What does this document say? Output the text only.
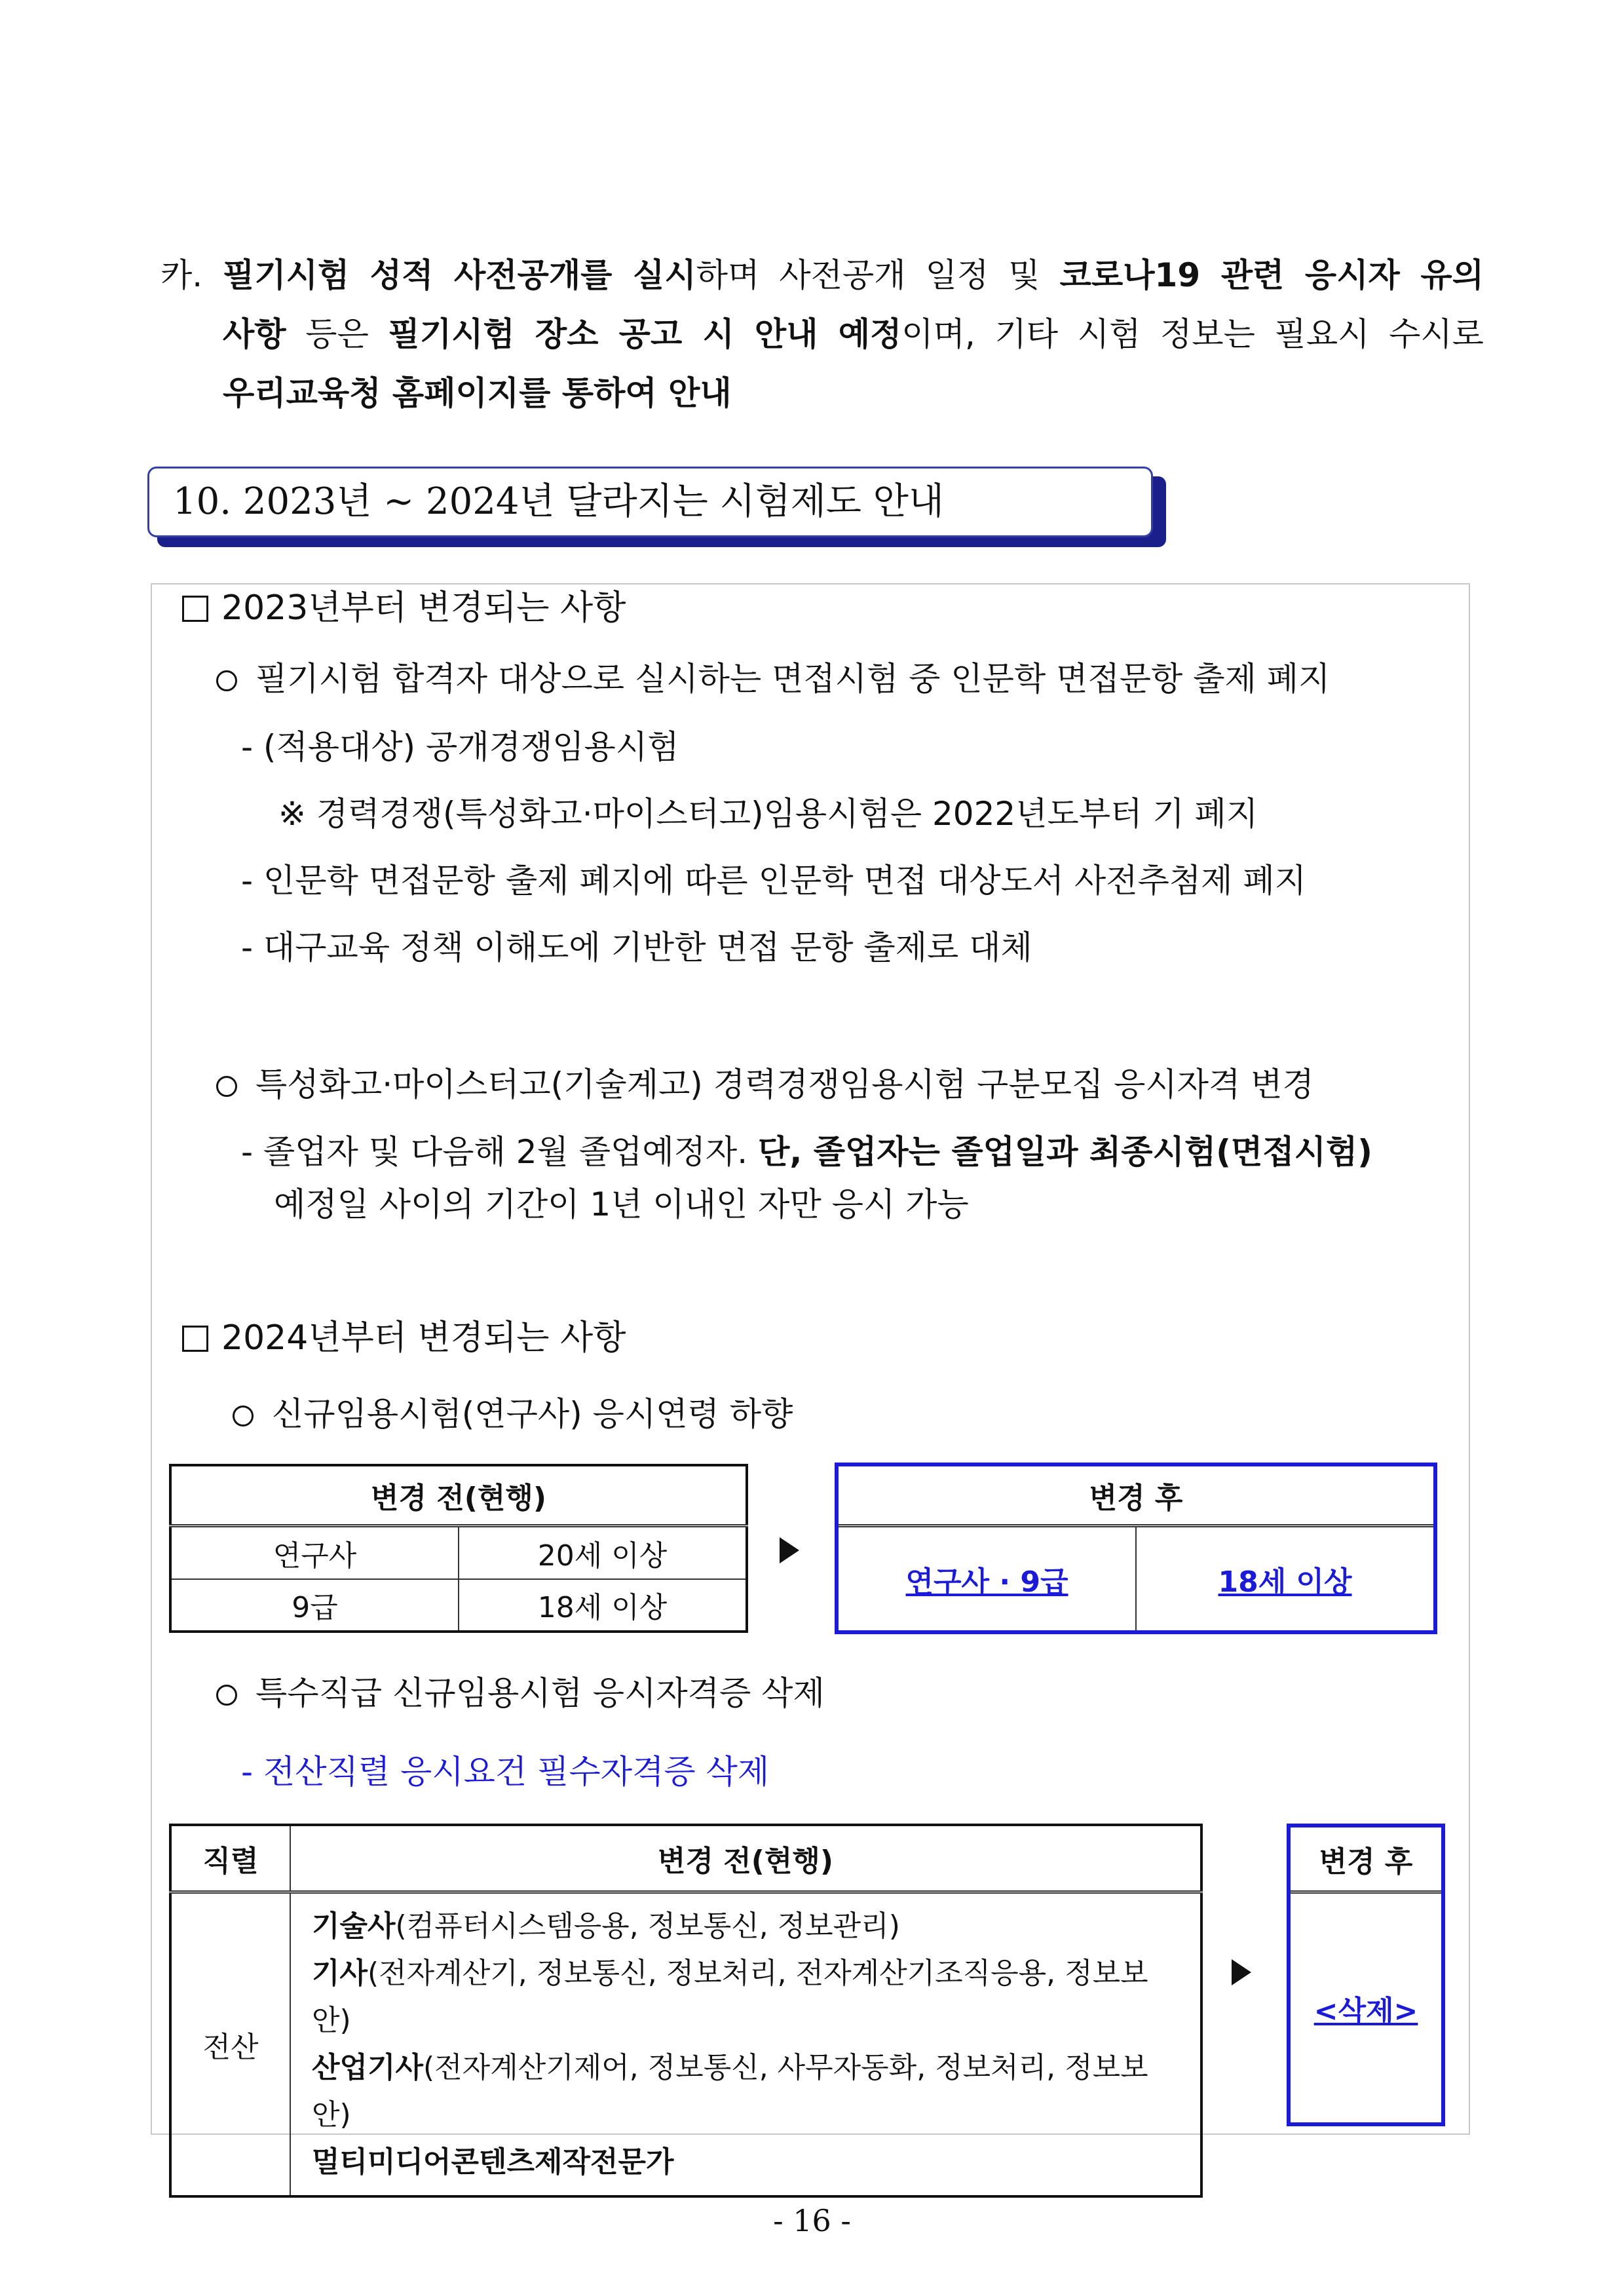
카. 필기시험 성적 사전공개를 실시하며 사전공개 일정 및 코로나19 관련 응시자 유의
사항 등은 필기시험 장소 공고 시 안내 예정이며, 기타 시험 정보는 필요시 수시로
우리교육청 홈페이지를 통하여 안내
10. 2023년 ~ 2024년 달라지는 시험제도 안내
2023년부터 변경되는 사항
필기시험 합격자 대상으로 실시하는 면접시험 중 인문학 면접문항 출제 폐지
- (적용대상) 공개경쟁임용시험
※ 경력경쟁(특성화고·마이스터고)임용시험은 2022년도부터 기 폐지
- 인문학 면접문항 출제 폐지에 따른 인문학 면접 대상도서 사전추첨제 폐지
- 대구교육 정책 이해도에 기반한 면접 문항 출제로 대체
특성화고·마이스터고(기술계고) 경력경쟁임용시험 구분모집 응시자격 변경
- 졸업자 및 다음해 2월 졸업예정자. 단, 졸업자는 졸업일과 최종시험(면접시험)
예정일 사이의 기간이 1년 이내인 자만 응시 가능
2024년부터 변경되는 사항
신규임용시험(연구사) 응시연령 하향
변경 전(현행)	
연구사	20세 이상
9급	18세 이상
변경 후
연구사 · 9급	18세 이상
특수직급 신규임용시험 응시자격증 삭제
- 전산직렬 응시요건 필수자격증 삭제
직렬	변경 전(현행)
전산	기술사(컴퓨터시스템응용, 정보통신, 정보관리)
기사(전자계산기, 정보통신, 정보처리, 전자계산기조직응용, 정보보안)
산업기사(전자계산기제어, 정보통신, 사무자동화, 정보처리, 정보보안)
멀티미디어콘텐츠제작전문가
변경 후
<삭제>
- 16 -
